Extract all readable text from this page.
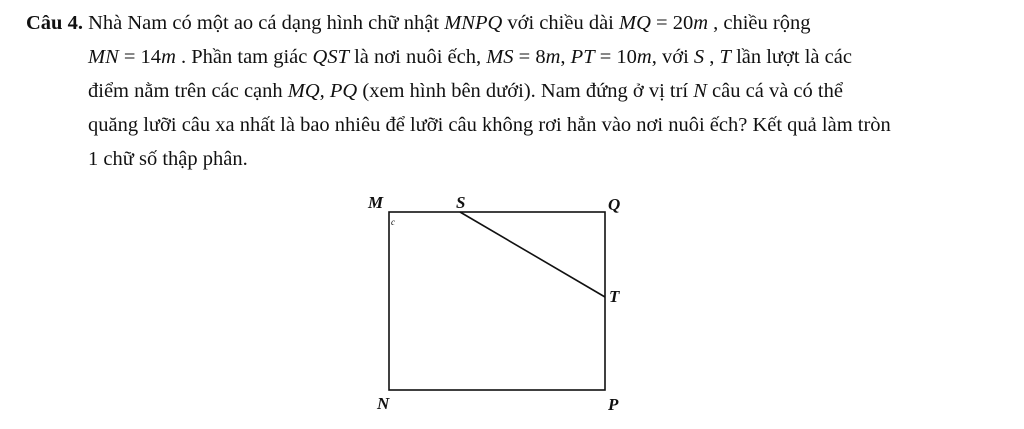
Câu 4. Nhà Nam có một ao cá dạng hình chữ nhật MNPQ với chiều dài MQ = 20m , chiều rộng
MN = 14m . Phần tam giác QST là nơi nuôi ếch, MS = 8m, PT = 10m, với S , T lần lượt là các
điểm nằm trên các cạnh MQ, PQ (xem hình bên dưới). Nam đứng ở vị trí N câu cá và có thể
quăng lưỡi câu xa nhất là bao nhiêu để lưỡi câu không rơi hẳn vào nơi nuôi ếch? Kết quả làm tròn
1 chữ số thập phân.
c
M	S	Q
T
N	P
